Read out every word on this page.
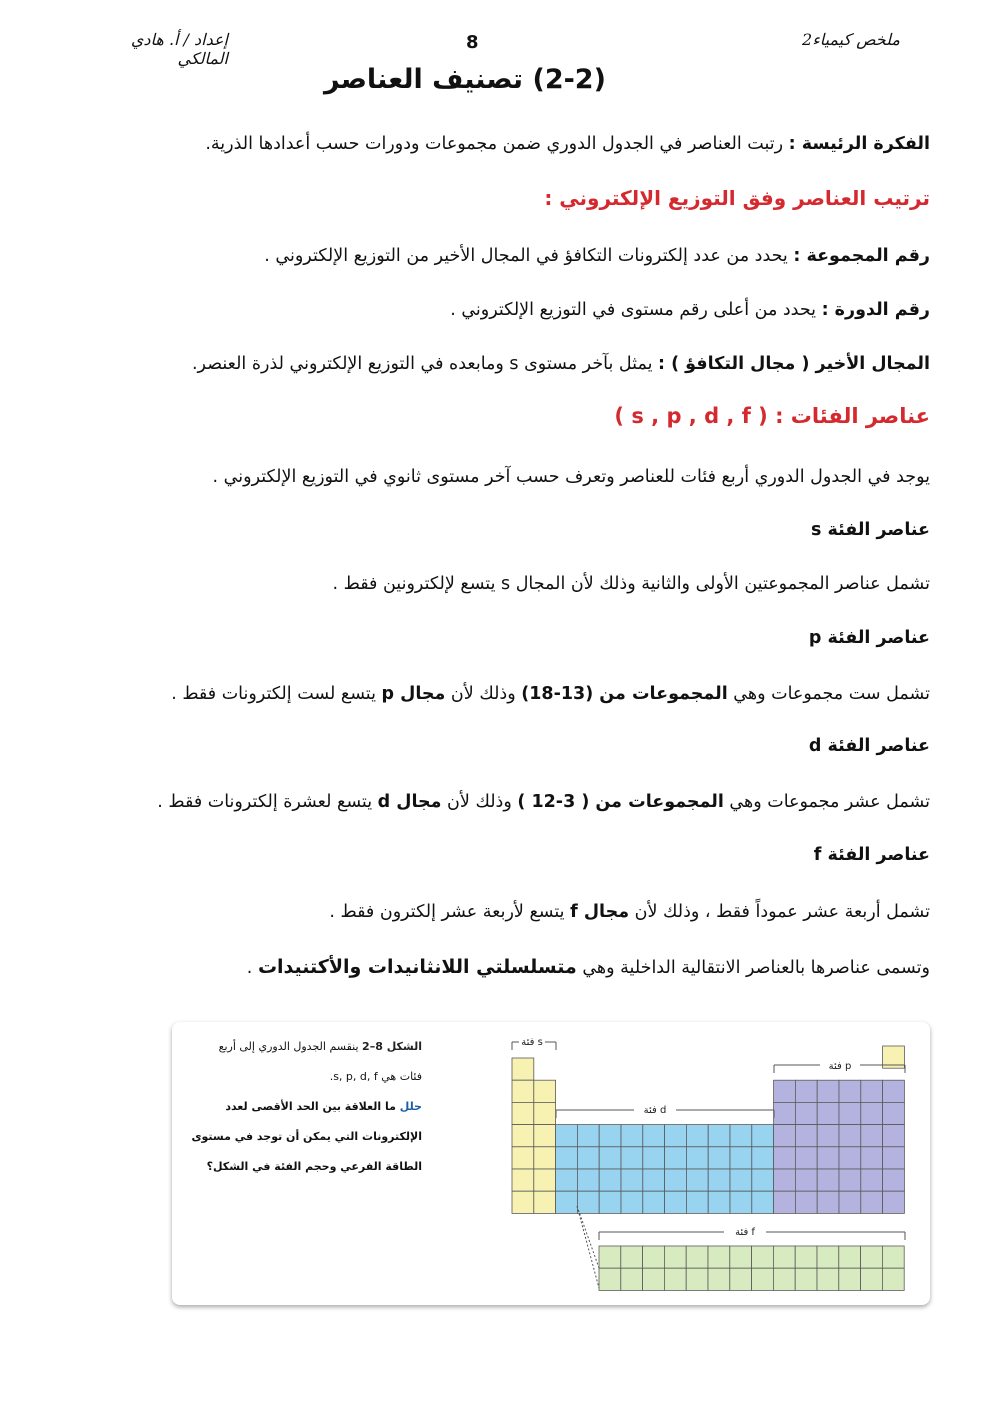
ملخص كيمياء2
8
إعداد / أ. هادي المالكي
(2-2) تصنيف العناصر
الفكرة الرئيسة : رتبت العناصر في الجدول الدوري ضمن مجموعات ودورات حسب أعدادها الذرية.
ترتيب العناصر وفق التوزيع الإلكتروني :
رقم المجموعة : يحدد من عدد إلكترونات التكافؤ في المجال الأخير من التوزيع الإلكتروني .
رقم الدورة : يحدد من أعلى رقم مستوى في التوزيع الإلكتروني .
المجال الأخير ( مجال التكافؤ ) : يمثل بآخر مستوى s ومابعده في التوزيع الإلكتروني لذرة العنصر.
عناصر الفئات : ( s , p , d , f )
يوجد في الجدول الدوري أربع فئات للعناصر وتعرف حسب آخر مستوى ثانوي في التوزيع الإلكتروني .
عناصر الفئة s
تشمل عناصر المجموعتين الأولى والثانية وذلك لأن المجال s يتسع لإلكترونين فقط .
عناصر الفئة p
تشمل ست مجموعات وهي المجموعات من (13-18) وذلك لأن مجال p يتسع لست إلكترونات فقط .
عناصر الفئة d
تشمل عشر مجموعات وهي المجموعات من ( 3-12 ) وذلك لأن مجال d يتسع لعشرة إلكترونات فقط .
عناصر الفئة f
تشمل أربعة عشر عموداً فقط ، وذلك لأن مجال f يتسع لأربعة عشر إلكترون فقط .
وتسمى عناصرها بالعناصر الانتقالية الداخلية وهي متسلسلتي اللانثانيدات والأكتنيدات .
الشكل 8–2 ينقسم الجدول الدوري إلى أربع
فئات هي s, p, d, f.
حلل ما العلاقة بين الحد الأقصى لعدد
الإلكترونات التي يمكن أن توجد في مستوى
الطاقة الفرعي وحجم الفئة في الشكل؟
فئة s
فئة p
فئة d
فئة f
